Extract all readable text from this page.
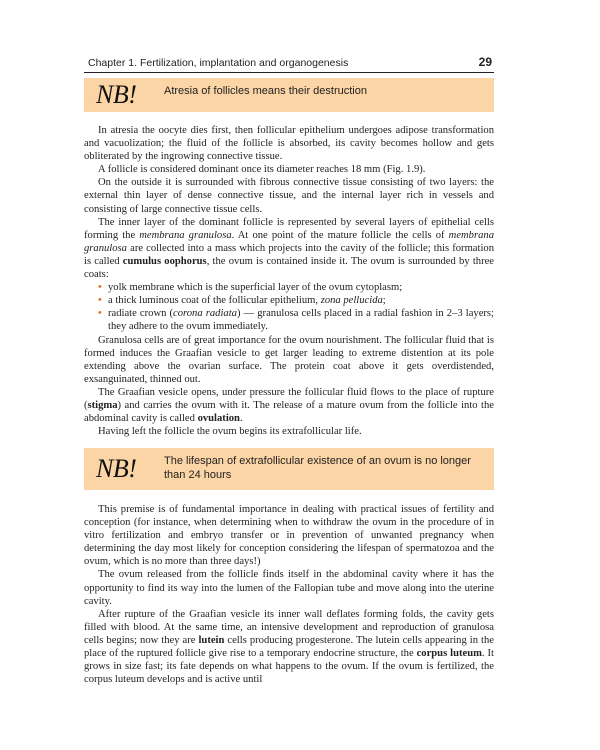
Chapter 1. Fertilization, implantation and organogenesis	29
NB!	Atresia of follicles means their destruction

In atresia the oocyte dies first, then follicular epithelium undergoes adipose transformation and vacuolization; the fluid of the follicle is absorbed, its cavity becomes hollow and gets obliterated by the ingrowing connective tissue.

A follicle is considered dominant once its diameter reaches 18 mm (Fig. 1.9).

On the outside it is surrounded with fibrous connective tissue consisting of two layers: the external thin layer of dense connective tissue, and the internal layer rich in vessels and consisting of large connective tissue cells.

The inner layer of the dominant follicle is represented by several layers of epithelial cells forming the membrana granulosa. At one point of the mature follicle the cells of membrana granulosa are collected into a mass which projects into the cavity of the follicle; this formation is called cumulus oophorus, the ovum is contained inside it. The ovum is surrounded by three coats:

• yolk membrane which is the superficial layer of the ovum cytoplasm;
• a thick luminous coat of the follicular epithelium, zona pellucida;
• radiate crown (corona radiata) — granulosa cells placed in a radial fashion in 2–3 layers; they adhere to the ovum immediately.

Granulosa cells are of great importance for the ovum nourishment. The follicular fluid that is formed induces the Graafian vesicle to get larger leading to extreme distention at its pole extending above the ovarian surface. The protein coat above it gets overdistended, exsanguinated, thinned out.

The Graafian vesicle opens, under pressure the follicular fluid flows to the place of rupture (stigma) and carries the ovum with it. The release of a mature ovum from the follicle into the abdominal cavity is called ovulation.

Having left the follicle the ovum begins its extrafollicular life.

NB!	The lifespan of extrafollicular existence of an ovum is no longer than 24 hours

This premise is of fundamental importance in dealing with practical issues of fertility and conception (for instance, when determining when to withdraw the ovum in the procedure of in vitro fertilization and embryo transfer or in prevention of unwanted pregnancy when determining the day most likely for conception considering the lifespan of spermatozoa and the ovum, which is no more than three days!)

The ovum released from the follicle finds itself in the abdominal cavity where it has the opportunity to find its way into the lumen of the Fallopian tube and move along into the uterine cavity.

After rupture of the Graafian vesicle its inner wall deflates forming folds, the cavity gets filled with blood. At the same time, an intensive development and reproduction of granulosa cells begins; now they are lutein cells producing progesterone. The lutein cells appearing in the place of the ruptured follicle give rise to a temporary endocrine structure, the corpus luteum. It grows in size fast; its fate depends on what happens to the ovum. If the ovum is fertilized, the corpus luteum develops and is active until
